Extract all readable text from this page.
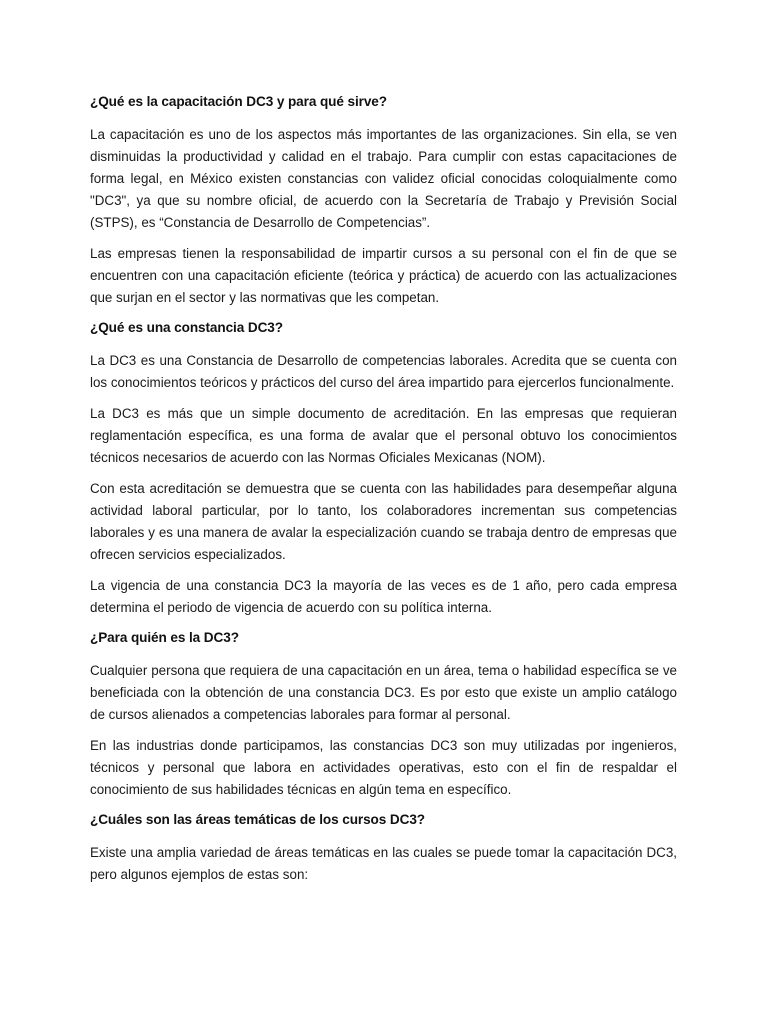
¿Qué es la capacitación DC3 y para qué sirve?

La capacitación es uno de los aspectos más importantes de las organizaciones. Sin ella, se ven disminuidas la productividad y calidad en el trabajo. Para cumplir con estas capacitaciones de forma legal, en México existen constancias con validez oficial conocidas coloquialmente como "DC3", ya que su nombre oficial, de acuerdo con la Secretaría de Trabajo y Previsión Social (STPS), es “Constancia de Desarrollo de Competencias”.

Las empresas tienen la responsabilidad de impartir cursos a su personal con el fin de que se encuentren con una capacitación eficiente (teórica y práctica) de acuerdo con las actualizaciones que surjan en el sector y las normativas que les competan.

¿Qué es una constancia DC3?

La DC3 es una Constancia de Desarrollo de competencias laborales. Acredita que se cuenta con los conocimientos teóricos y prácticos del curso del área impartido para ejercerlos funcionalmente.

La DC3 es más que un simple documento de acreditación. En las empresas que requieran reglamentación específica, es una forma de avalar que el personal obtuvo los conocimientos técnicos necesarios de acuerdo con las Normas Oficiales Mexicanas (NOM).

Con esta acreditación se demuestra que se cuenta con las habilidades para desempeñar alguna actividad laboral particular, por lo tanto, los colaboradores incrementan sus competencias laborales y es una manera de avalar la especialización cuando se trabaja dentro de empresas que ofrecen servicios especializados.

La vigencia de una constancia DC3 la mayoría de las veces es de 1 año, pero cada empresa determina el periodo de vigencia de acuerdo con su política interna.

¿Para quién es la DC3?

Cualquier persona que requiera de una capacitación en un área, tema o habilidad específica se ve beneficiada con la obtención de una constancia DC3. Es por esto que existe un amplio catálogo de cursos alienados a competencias laborales para formar al personal.

En las industrias donde participamos, las constancias DC3 son muy utilizadas por ingenieros, técnicos y personal que labora en actividades operativas, esto con el fin de respaldar el conocimiento de sus habilidades técnicas en algún tema en específico.

¿Cuáles son las áreas temáticas de los cursos DC3?

Existe una amplia variedad de áreas temáticas en las cuales se puede tomar la capacitación DC3, pero algunos ejemplos de estas son:
